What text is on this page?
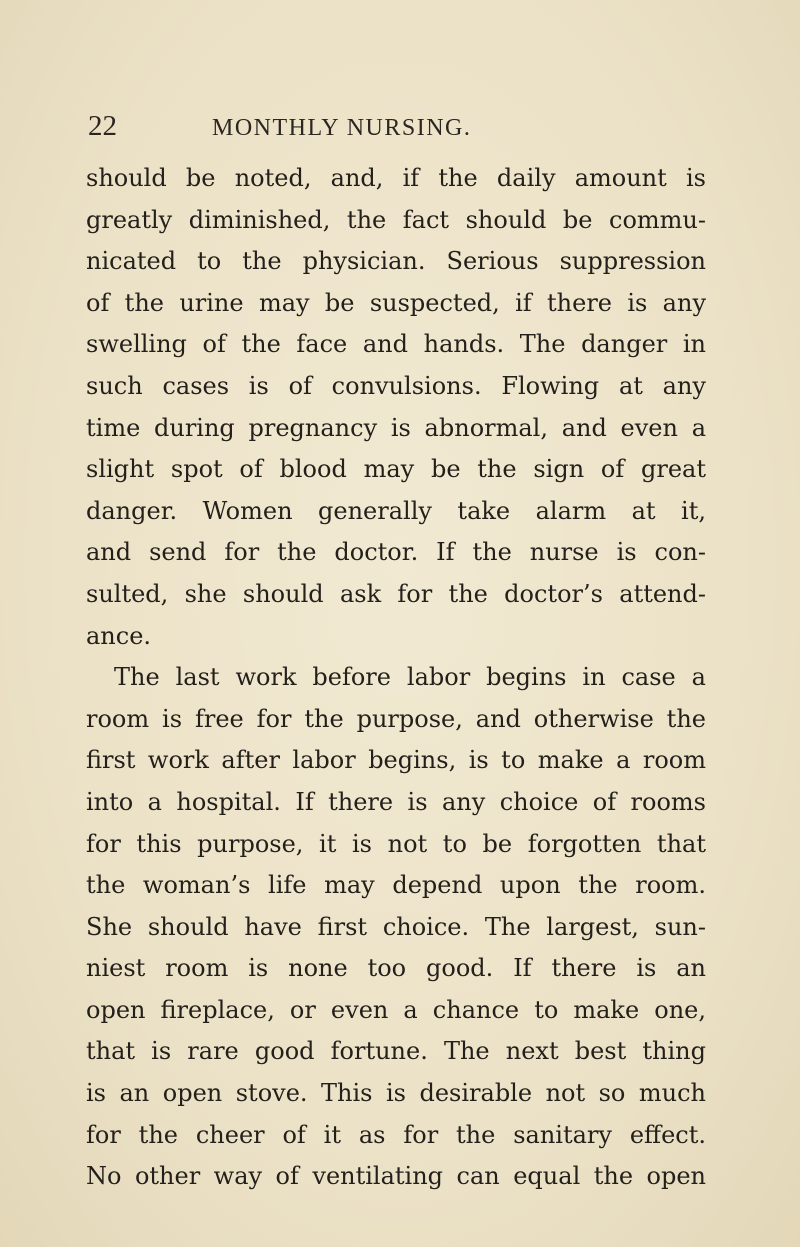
22	MONTHLY NURSING.
should be noted, and, if the daily amount is
greatly diminished, the fact should be commu-
nicated to the physician. Serious suppression
of the urine may be suspected, if there is any
swelling of the face and hands. The danger in
such cases is of convulsions. Flowing at any
time during pregnancy is abnormal, and even a
slight spot of blood may be the sign of great
danger. Women generally take alarm at it,
and send for the doctor. If the nurse is con-
sulted, she should ask for the doctor’s attend-
ance.
The last work before labor begins in case a
room is free for the purpose, and otherwise the
first work after labor begins, is to make a room
into a hospital. If there is any choice of rooms
for this purpose, it is not to be forgotten that
the woman’s life may depend upon the room.
She should have first choice. The largest, sun-
niest room is none too good. If there is an
open fireplace, or even a chance to make one,
that is rare good fortune. The next best thing
is an open stove. This is desirable not so much
for the cheer of it as for the sanitary effect.
No other way of ventilating can equal the open
